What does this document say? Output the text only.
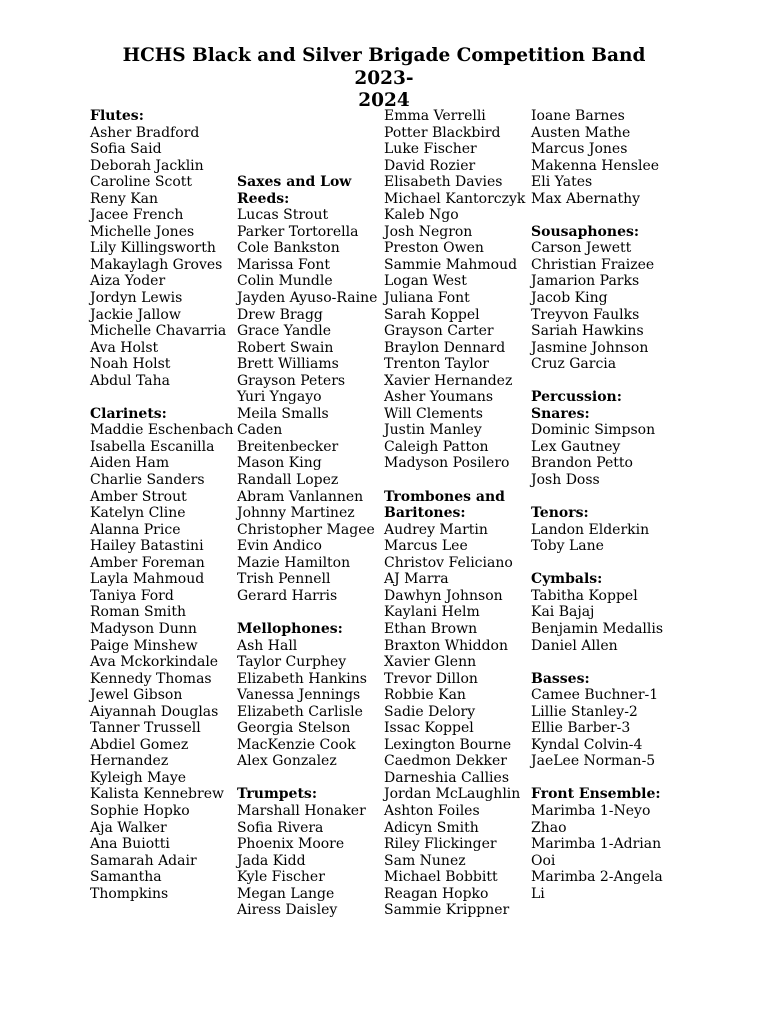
HCHS Black and Silver Brigade Competition Band 2023-
2024
Flutes:
Asher Bradford
Sofia Said
Deborah Jacklin
Caroline Scott
Reny Kan
Jacee French
Michelle Jones
Lily Killingsworth
Makaylagh Groves
Aiza Yoder
Jordyn Lewis
Jackie Jallow
Michelle Chavarria
Ava Holst
Noah Holst
Abdul Taha
Clarinets:
Maddie Eschenbach
Isabella Escanilla
Aiden Ham
Charlie Sanders
Amber Strout
Katelyn Cline
Alanna Price
Hailey Batastini
Amber Foreman
Layla Mahmoud
Taniya Ford
Roman Smith
Madyson Dunn
Paige Minshew
Ava Mckorkindale
Kennedy Thomas
Jewel Gibson
Aiyannah Douglas
Tanner Trussell
Abdiel Gomez
Hernandez
Kyleigh Maye
Kalista Kennebrew
Sophie Hopko
Aja Walker
Ana Buiotti
Samarah Adair
Samantha
Thompkins
Saxes and Low
Reeds:
Lucas Strout
Parker Tortorella
Cole Bankston
Marissa Font
Colin Mundle
Jayden Ayuso-Raine
Drew Bragg
Grace Yandle
Robert Swain
Brett Williams
Grayson Peters
Yuri Yngayo
Meila Smalls
Caden
Breitenbecker
Mason King
Randall Lopez
Abram Vanlannen
Johnny Martinez
Christopher Magee
Evin Andico
Mazie Hamilton
Trish Pennell
Gerard Harris
Mellophones:
Ash Hall
Taylor Curphey
Elizabeth Hankins
Vanessa Jennings
Elizabeth Carlisle
Georgia Stelson
MacKenzie Cook
Alex Gonzalez
Trumpets:
Marshall Honaker
Sofia Rivera
Phoenix Moore
Jada Kidd
Kyle Fischer
Megan Lange
Airess Daisley
Emma Verrelli
Potter Blackbird
Luke Fischer
David Rozier
Elisabeth Davies
Michael Kantorczyk
Kaleb Ngo
Josh Negron
Preston Owen
Sammie Mahmoud
Logan West
Juliana Font
Sarah Koppel
Grayson Carter
Braylon Dennard
Trenton Taylor
Xavier Hernandez
Asher Youmans
Will Clements
Justin Manley
Caleigh Patton
Madyson Posilero
Trombones and
Baritones:
Audrey Martin
Marcus Lee
Christov Feliciano
AJ Marra
Dawhyn Johnson
Kaylani Helm
Ethan Brown
Braxton Whiddon
Xavier Glenn
Trevor Dillon
Robbie Kan
Sadie Delory
Issac Koppel
Lexington Bourne
Caedmon Dekker
Darneshia Callies
Jordan McLaughlin
Ashton Foiles
Adicyn Smith
Riley Flickinger
Sam Nunez
Michael Bobbitt
Reagan Hopko
Sammie Krippner
Ioane Barnes
Austen Mathe
Marcus Jones
Makenna Henslee
Eli Yates
Max Abernathy
Sousaphones:
Carson Jewett
Christian Fraizee
Jamarion Parks
Jacob King
Treyvon Faulks
Sariah Hawkins
Jasmine Johnson
Cruz Garcia
Percussion:
Snares:
Dominic Simpson
Lex Gautney
Brandon Petto
Josh Doss
Tenors:
Landon Elderkin
Toby Lane
Cymbals:
Tabitha Koppel
Kai Bajaj
Benjamin Medallis
Daniel Allen
Basses:
Camee Buchner-1
Lillie Stanley-2
Ellie Barber-3
Kyndal Colvin-4
JaeLee Norman-5
Front Ensemble:
Marimba 1-Neyo
Zhao
Marimba 1-Adrian
Ooi
Marimba 2-Angela
Li
